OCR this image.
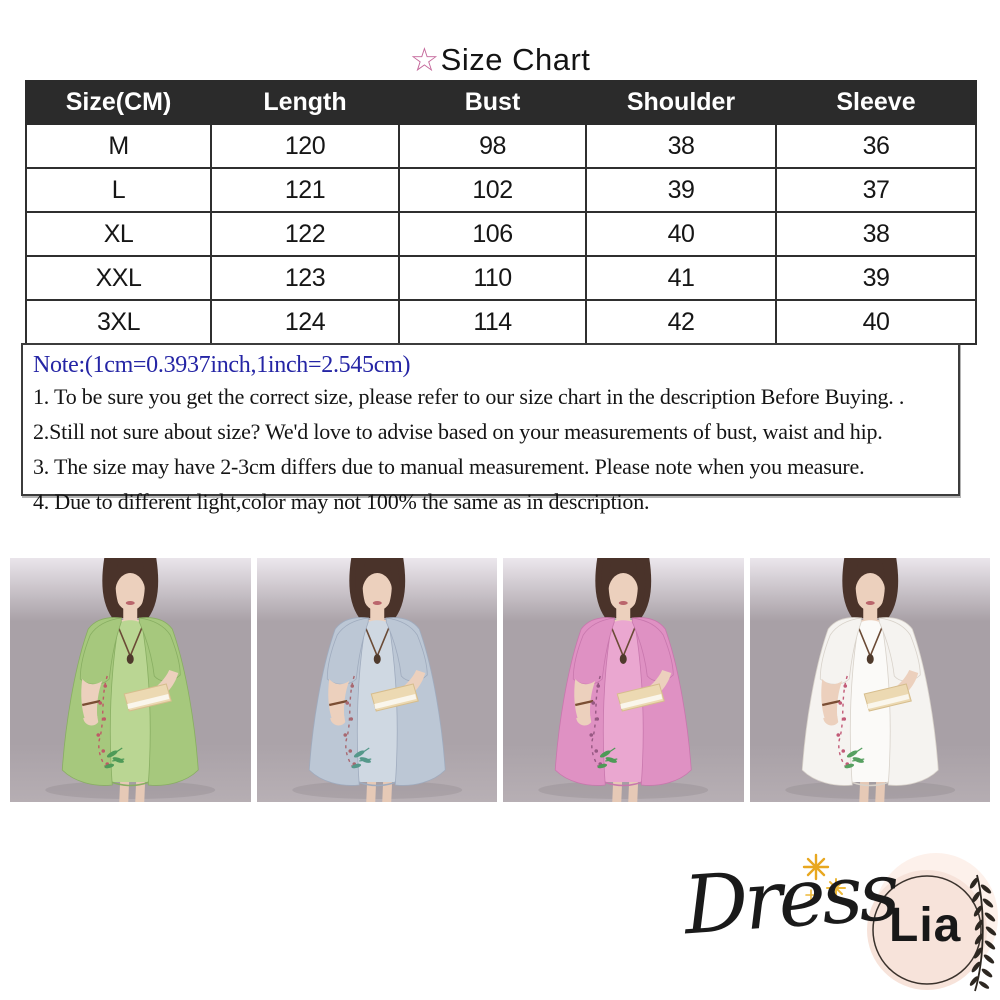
☆Size Chart
Size(CM)	Length	Bust	Shoulder	Sleeve
M	120	98	38	36
L	121	102	39	37
XL	122	106	40	38
XXL	123	110	41	39
3XL	124	114	42	40

Note:(1cm=0.3937inch,1inch=2.545cm)

1. To be sure you get the correct size, please refer to our size chart in the description Before Buying. .

2.Still not sure about size? We'd love to advise based on your measurements of bust, waist and hip.

3. The size may have 2-3cm differs due to manual measurement. Please note when you measure.

4. Due to different light,color may not 100% the same as in description.

Dress
Lia
